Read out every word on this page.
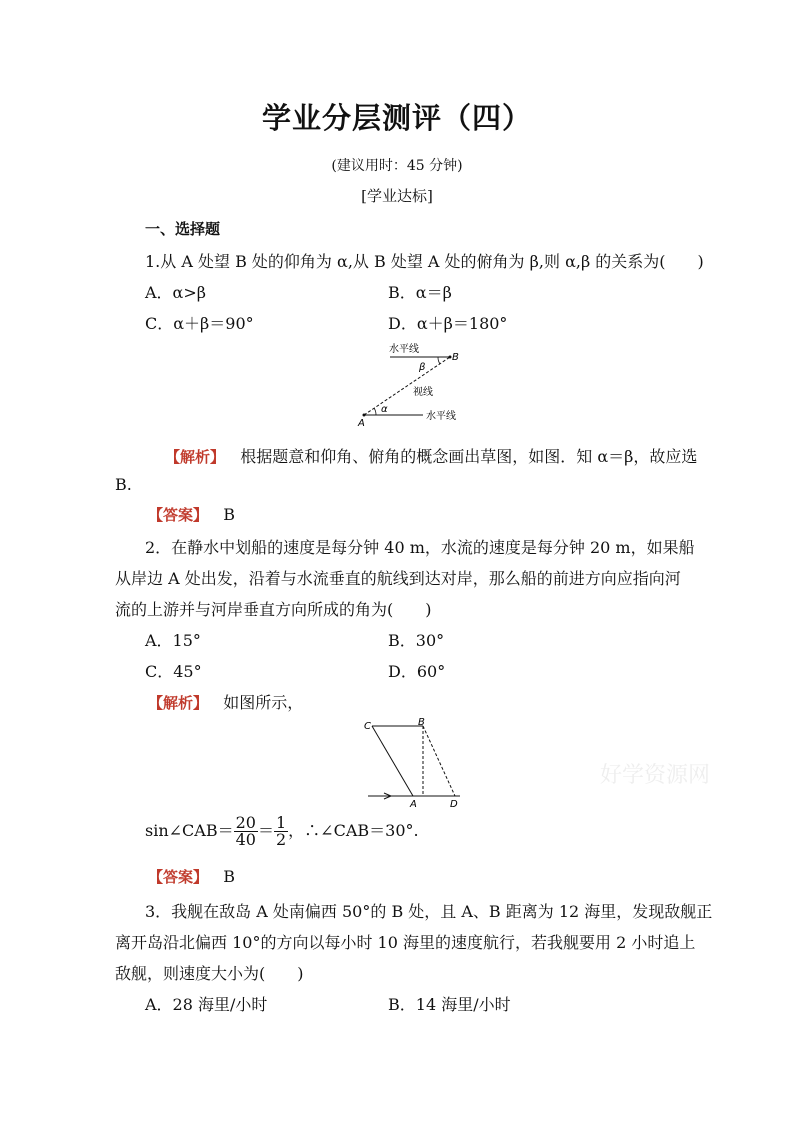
学业分层测评（四）
(建议用时：45 分钟)
[学业达标]
一、选择题
1.从 A 处望 B 处的仰角为 α,从 B 处望 A 处的俯角为 β,则 α,β 的关系为(　　)
A．α>β	B．α＝β
C．α＋β＝90°	D．α＋β＝180°
水平线
B
β
视线
α
A
水平线
【解析】 根据题意和仰角、俯角的概念画出草图，如图．知 α＝β，故应选
B.
【答案】 B
2．在静水中划船的速度是每分钟 40 m，水流的速度是每分钟 20 m，如果船
从岸边 A 处出发，沿着与水流垂直的航线到达对岸，那么船的前进方向应指向河
流的上游并与河岸垂直方向所成的角为(　　)
A．15°	B．30°
C．45°	D．60°
【解析】 如图所示，
C	B
A	D
sin∠CAB＝ $\frac{20}{40} = \frac{1}{2}$ ，∴∠CAB＝30°.
好学资源网
【答案】 B
3．我舰在敌岛 A 处南偏西 50°的 B 处，且 A、B 距离为 12 海里，发现敌舰正
离开岛沿北偏西 10°的方向以每小时 10 海里的速度航行，若我舰要用 2 小时追上
敌舰，则速度大小为(　　)
A．28 海里/小时	B．14 海里/小时
